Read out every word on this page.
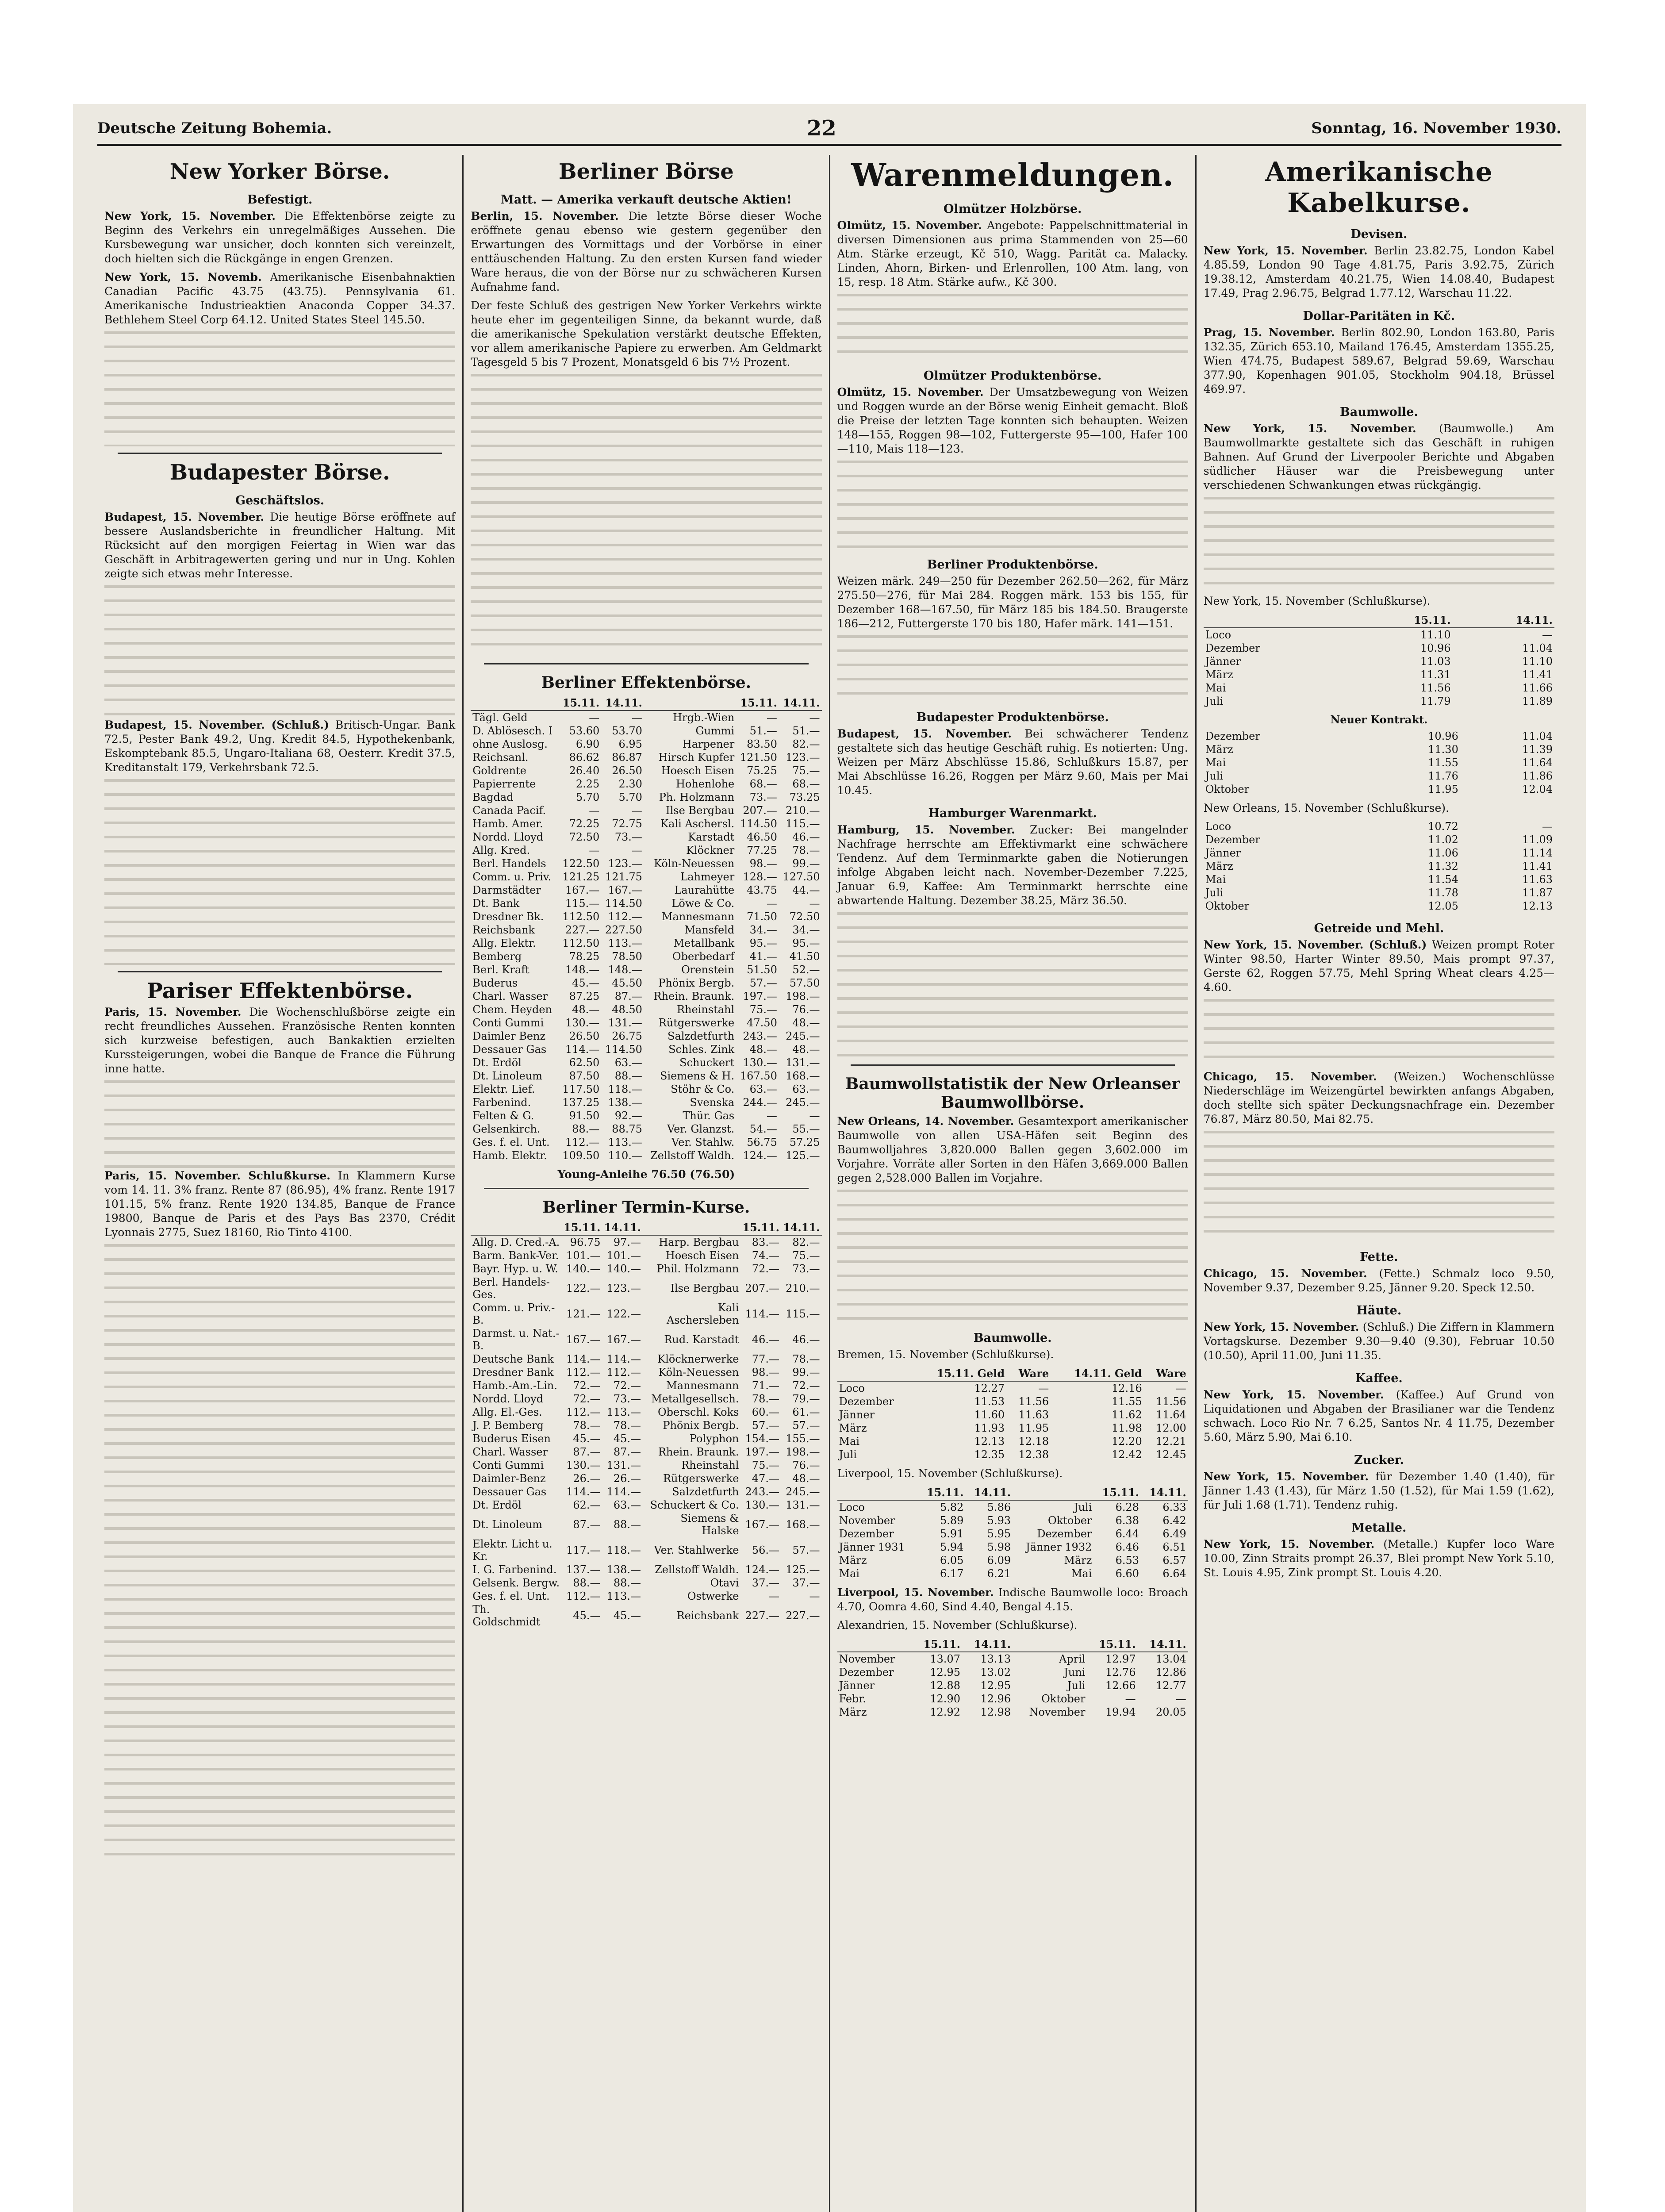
Deutsche Zeitung Bohemia.	22	Sonntag, 16. November 1930.
New Yorker Börse.
Befestigt.

New York, 15. November. Die Effektenbörse zeigte zu Beginn des Verkehrs ein unregelmäßiges Aussehen. Die Kursbewegung war unsicher, doch konnten sich vereinzelt, doch hielten sich die Rückgänge in engen Grenzen.

New York, 15. Novemb. Amerikanische Eisenbahnaktien Canadian Pacific 43.75 (43.75). Pennsylvania 61. Amerikanische Industrieaktien Anaconda Copper 34.37. Bethlehem Steel Corp 64.12. United States Steel 145.50.

Budapester Börse.
Geschäftslos.

Budapest, 15. November. Die heutige Börse eröffnete auf bessere Auslandsberichte in freundlicher Haltung. Mit Rücksicht auf den morgigen Feiertag in Wien war das Geschäft in Arbitragewerten gering und nur in Ung. Kohlen zeigte sich etwas mehr Interesse.

Budapest, 15. November. (Schluß.) Britisch-Ungar. Bank 72.5, Pester Bank 49.2, Ung. Kredit 84.5, Hypothekenbank, Eskomptebank 85.5, Ungaro-Italiana 68, Oesterr. Kredit 37.5, Kreditanstalt 179, Verkehrsbank 72.5.

Pariser Effektenbörse.

Paris, 15. November. Die Wochenschlußbörse zeigte ein recht freundliches Aussehen. Französische Renten konnten sich kurzweise befestigen, auch Bankaktien erzielten Kurssteigerungen, wobei die Banque de France die Führung inne hatte.

Paris, 15. November. Schlußkurse. In Klammern Kurse vom 14. 11. 3% franz. Rente 87 (86.95), 4% franz. Rente 1917 101.15, 5% franz. Rente 1920 134.85, Banque de France 19800, Banque de Paris et des Pays Bas 2370, Crédit Lyonnais 2775, Suez 18160, Rio Tinto 4100.

Berliner Börse
Matt. — Amerika verkauft deutsche Aktien!

Berlin, 15. November. Die letzte Börse dieser Woche eröffnete genau ebenso wie gestern gegenüber den Erwartungen des Vormittags und der Vorbörse in einer enttäuschenden Haltung. Zu den ersten Kursen fand wieder Ware heraus, die von der Börse nur zu schwächeren Kursen Aufnahme fand.

Der feste Schluß des gestrigen New Yorker Verkehrs wirkte heute eher im gegenteiligen Sinne, da bekannt wurde, daß die amerikanische Spekulation verstärkt deutsche Effekten, vor allem amerikanische Papiere zu erwerben. Am Geldmarkt Tagesgeld 5 bis 7 Prozent, Monatsgeld 6 bis 7½ Prozent.

Berliner Effektenbörse.
	15.11.	14.11.		15.11.	14.11.
Tägl. Geld	—	—	Hrgb.-Wien	—	—
D. Ablösesch. I	53.60	53.70	Gummi	51.—	51.—
ohne Auslosg.	6.90	6.95	Harpener	83.50	82.—
Reichsanl.	86.62	86.87	Hirsch Kupfer	121.50	123.—
Goldrente	26.40	26.50	Hoesch Eisen	75.25	75.—
Papierrente	2.25	2.30	Hohenlohe	68.—	68.—
Bagdad	5.70	5.70	Ph. Holzmann	73.—	73.25
Canada Pacif.	—	—	Ilse Bergbau	207.—	210.—
Hamb. Amer.	72.25	72.75	Kali Aschersl.	114.50	115.—
Nordd. Lloyd	72.50	73.—	Karstadt	46.50	46.—
Allg. Kred.	—	—	Klöckner	77.25	78.—
Berl. Handels	122.50	123.—	Köln-Neuessen	98.—	99.—
Comm. u. Priv.	121.25	121.75	Lahmeyer	128.—	127.50
Darmstädter	167.—	167.—	Laurahütte	43.75	44.—
Dt. Bank	115.—	114.50	Löwe & Co.	—	—
Dresdner Bk.	112.50	112.—	Mannesmann	71.50	72.50
Reichsbank	227.—	227.50	Mansfeld	34.—	34.—
Allg. Elektr.	112.50	113.—	Metallbank	95.—	95.—
Bemberg	78.25	78.50	Oberbedarf	41.—	41.50
Berl. Kraft	148.—	148.—	Orenstein	51.50	52.—
Buderus	45.—	45.50	Phönix Bergb.	57.—	57.50
Charl. Wasser	87.25	87.—	Rhein. Braunk.	197.—	198.—
Chem. Heyden	48.—	48.50	Rheinstahl	75.—	76.—
Conti Gummi	130.—	131.—	Rütgerswerke	47.50	48.—
Daimler Benz	26.50	26.75	Salzdetfurth	243.—	245.—
Dessauer Gas	114.—	114.50	Schles. Zink	48.—	48.—
Dt. Erdöl	62.50	63.—	Schuckert	130.—	131.—
Dt. Linoleum	87.50	88.—	Siemens & H.	167.50	168.—
Elektr. Lief.	117.50	118.—	Stöhr & Co.	63.—	63.—
Farbenind.	137.25	138.—	Svenska	244.—	245.—
Felten & G.	91.50	92.—	Thür. Gas	—	—
Gelsenkirch.	88.—	88.75	Ver. Glanzst.	54.—	55.—
Ges. f. el. Unt.	112.—	113.—	Ver. Stahlw.	56.75	57.25
Hamb. Elektr.	109.50	110.—	Zellstoff Waldh.	124.—	125.—
Young-Anleihe 76.50 (76.50)
Berliner Termin-Kurse.
	15.11.	14.11.		15.11.	14.11.
Allg. D. Cred.-A.	96.75	97.—	Harp. Bergbau	83.—	82.—
Barm. Bank-Ver.	101.—	101.—	Hoesch Eisen	74.—	75.—
Bayr. Hyp. u. W.	140.—	140.—	Phil. Holzmann	72.—	73.—
Berl. Handels-Ges.	122.—	123.—	Ilse Bergbau	207.—	210.—
Comm. u. Priv.-B.	121.—	122.—	Kali Aschersleben	114.—	115.—
Darmst. u. Nat.-B.	167.—	167.—	Rud. Karstadt	46.—	46.—
Deutsche Bank	114.—	114.—	Klöcknerwerke	77.—	78.—
Dresdner Bank	112.—	112.—	Köln-Neuessen	98.—	99.—
Hamb.-Am.-Lin.	72.—	72.—	Mannesmann	71.—	72.—
Nordd. Lloyd	72.—	73.—	Metallgesellsch.	78.—	79.—
Allg. El.-Ges.	112.—	113.—	Oberschl. Koks	60.—	61.—
J. P. Bemberg	78.—	78.—	Phönix Bergb.	57.—	57.—
Buderus Eisen	45.—	45.—	Polyphon	154.—	155.—
Charl. Wasser	87.—	87.—	Rhein. Braunk.	197.—	198.—
Conti Gummi	130.—	131.—	Rheinstahl	75.—	76.—
Daimler-Benz	26.—	26.—	Rütgerswerke	47.—	48.—
Dessauer Gas	114.—	114.—	Salzdetfurth	243.—	245.—
Dt. Erdöl	62.—	63.—	Schuckert & Co.	130.—	131.—
Dt. Linoleum	87.—	88.—	Siemens & Halske	167.—	168.—
Elektr. Licht u. Kr.	117.—	118.—	Ver. Stahlwerke	56.—	57.—
I. G. Farbenind.	137.—	138.—	Zellstoff Waldh.	124.—	125.—
Gelsenk. Bergw.	88.—	88.—	Otavi	37.—	37.—
Ges. f. el. Unt.	112.—	113.—	Ostwerke	—	—
Th. Goldschmidt	45.—	45.—	Reichsbank	227.—	227.—
Warenmeldungen.
Olmützer Holzbörse.

Olmütz, 15. November. Angebote: Pappelschnittmaterial in diversen Dimensionen aus prima Stammenden von 25—60 Atm. Stärke erzeugt, Kč 510, Wagg. Parität ca. Malacky. Linden, Ahorn, Birken- und Erlenrollen, 100 Atm. lang, von 15, resp. 18 Atm. Stärke aufw., Kč 300.

Olmützer Produktenbörse.

Olmütz, 15. November. Der Umsatzbewegung von Weizen und Roggen wurde an der Börse wenig Einheit gemacht. Bloß die Preise der letzten Tage konnten sich behaupten. Weizen 148—155, Roggen 98—102, Futtergerste 95—100, Hafer 100—110, Mais 118—123.

Berliner Produktenbörse.

Weizen märk. 249—250 für Dezember 262.50—262, für März 275.50—276, für Mai 284. Roggen märk. 153 bis 155, für Dezember 168—167.50, für März 185 bis 184.50. Braugerste 186—212, Futtergerste 170 bis 180, Hafer märk. 141—151.

Budapester Produktenbörse.

Budapest, 15. November. Bei schwächerer Tendenz gestaltete sich das heutige Geschäft ruhig. Es notierten: Ung. Weizen per März Abschlüsse 15.86, Schlußkurs 15.87, per Mai Abschlüsse 16.26, Roggen per März 9.60, Mais per Mai 10.45.

Hamburger Warenmarkt.

Hamburg, 15. November. Zucker: Bei mangelnder Nachfrage herrschte am Effektivmarkt eine schwächere Tendenz. Auf dem Terminmarkte gaben die Notierungen infolge Abgaben leicht nach. November-Dezember 7.225, Januar 6.9, Kaffee: Am Terminmarkt herrschte eine abwartende Haltung. Dezember 38.25, März 36.50.

Baumwollstatistik der New Orleanser Baumwollbörse.

New Orleans, 14. November. Gesamtexport amerikanischer Baumwolle von allen USA-Häfen seit Beginn des Baumwolljahres 3,820.000 Ballen gegen 3,602.000 im Vorjahre. Vorräte aller Sorten in den Häfen 3,669.000 Ballen gegen 2,528.000 Ballen im Vorjahre.

Baumwolle.
Bremen, 15. November (Schlußkurse).
	15.11. Geld	Ware	14.11. Geld	Ware
Loco	12.27	—	12.16	—
Dezember	11.53	11.56	11.55	11.56
Jänner	11.60	11.63	11.62	11.64
März	11.93	11.95	11.98	12.00
Mai	12.13	12.18	12.20	12.21
Juli	12.35	12.38	12.42	12.45
Liverpool, 15. November (Schlußkurse).
	15.11.	14.11.		15.11.	14.11.
Loco	5.82	5.86	Juli	6.28	6.33
November	5.89	5.93	Oktober	6.38	6.42
Dezember	5.91	5.95	Dezember	6.44	6.49
Jänner 1931	5.94	5.98	Jänner 1932	6.46	6.51
März	6.05	6.09	März	6.53	6.57
Mai	6.17	6.21	Mai	6.60	6.64

Liverpool, 15. November. Indische Baumwolle loco: Broach 4.70, Oomra 4.60, Sind 4.40, Bengal 4.15.

Alexandrien, 15. November (Schlußkurse).
	15.11.	14.11.		15.11.	14.11.
November	13.07	13.13	April	12.97	13.04
Dezember	12.95	13.02	Juni	12.76	12.86
Jänner	12.88	12.95	Juli	12.66	12.77
Febr.	12.90	12.96	Oktober	—	—
März	12.92	12.98	November	19.94	20.05
Amerikanische Kabelkurse.
Devisen.

New York, 15. November. Berlin 23.82.75, London Kabel 4.85.59, London 90 Tage 4.81.75, Paris 3.92.75, Zürich 19.38.12, Amsterdam 40.21.75, Wien 14.08.40, Budapest 17.49, Prag 2.96.75, Belgrad 1.77.12, Warschau 11.22.

Dollar-Paritäten in Kč.

Prag, 15. November. Berlin 802.90, London 163.80, Paris 132.35, Zürich 653.10, Mailand 176.45, Amsterdam 1355.25, Wien 474.75, Budapest 589.67, Belgrad 59.69, Warschau 377.90, Kopenhagen 901.05, Stockholm 904.18, Brüssel 469.97.

Baumwolle.

New York, 15. November. (Baumwolle.) Am Baumwollmarkte gestaltete sich das Geschäft in ruhigen Bahnen. Auf Grund der Liverpooler Berichte und Abgaben südlicher Häuser war die Preisbewegung unter verschiedenen Schwankungen etwas rückgängig.

New York, 15. November (Schlußkurse).
	15.11.	14.11.
Loco	11.10	—
Dezember	10.96	11.04
Jänner	11.03	11.10
März	11.31	11.41
Mai	11.56	11.66
Juli	11.79	11.89
Neuer Kontrakt.
Dezember	10.96	11.04
März	11.30	11.39
Mai	11.55	11.64
Juli	11.76	11.86
Oktober	11.95	12.04
New Orleans, 15. November (Schlußkurse).
Loco	10.72	—
Dezember	11.02	11.09
Jänner	11.06	11.14
März	11.32	11.41
Mai	11.54	11.63
Juli	11.78	11.87
Oktober	12.05	12.13
Getreide und Mehl.

New York, 15. November. (Schluß.) Weizen prompt Roter Winter 98.50, Harter Winter 89.50, Mais prompt 97.37, Gerste 62, Roggen 57.75, Mehl Spring Wheat clears 4.25—4.60.

Chicago, 15. November. (Weizen.) Wochenschlüsse Niederschläge im Weizengürtel bewirkten anfangs Abgaben, doch stellte sich später Deckungsnachfrage ein. Dezember 76.87, März 80.50, Mai 82.75.

Fette.

Chicago, 15. November. (Fette.) Schmalz loco 9.50, November 9.37, Dezember 9.25, Jänner 9.20. Speck 12.50.

Häute.

New York, 15. November. (Schluß.) Die Ziffern in Klammern Vortagskurse. Dezember 9.30—9.40 (9.30), Februar 10.50 (10.50), April 11.00, Juni 11.35.

Kaffee.

New York, 15. November. (Kaffee.) Auf Grund von Liquidationen und Abgaben der Brasilianer war die Tendenz schwach. Loco Rio Nr. 7 6.25, Santos Nr. 4 11.75, Dezember 5.60, März 5.90, Mai 6.10.

Zucker.

New York, 15. November. für Dezember 1.40 (1.40), für Jänner 1.43 (1.43), für März 1.50 (1.52), für Mai 1.59 (1.62), für Juli 1.68 (1.71). Tendenz ruhig.

Metalle.

New York, 15. November. (Metalle.) Kupfer loco Ware 10.00, Zinn Straits prompt 26.37, Blei prompt New York 5.10, St. Louis 4.95, Zink prompt St. Louis 4.20.
